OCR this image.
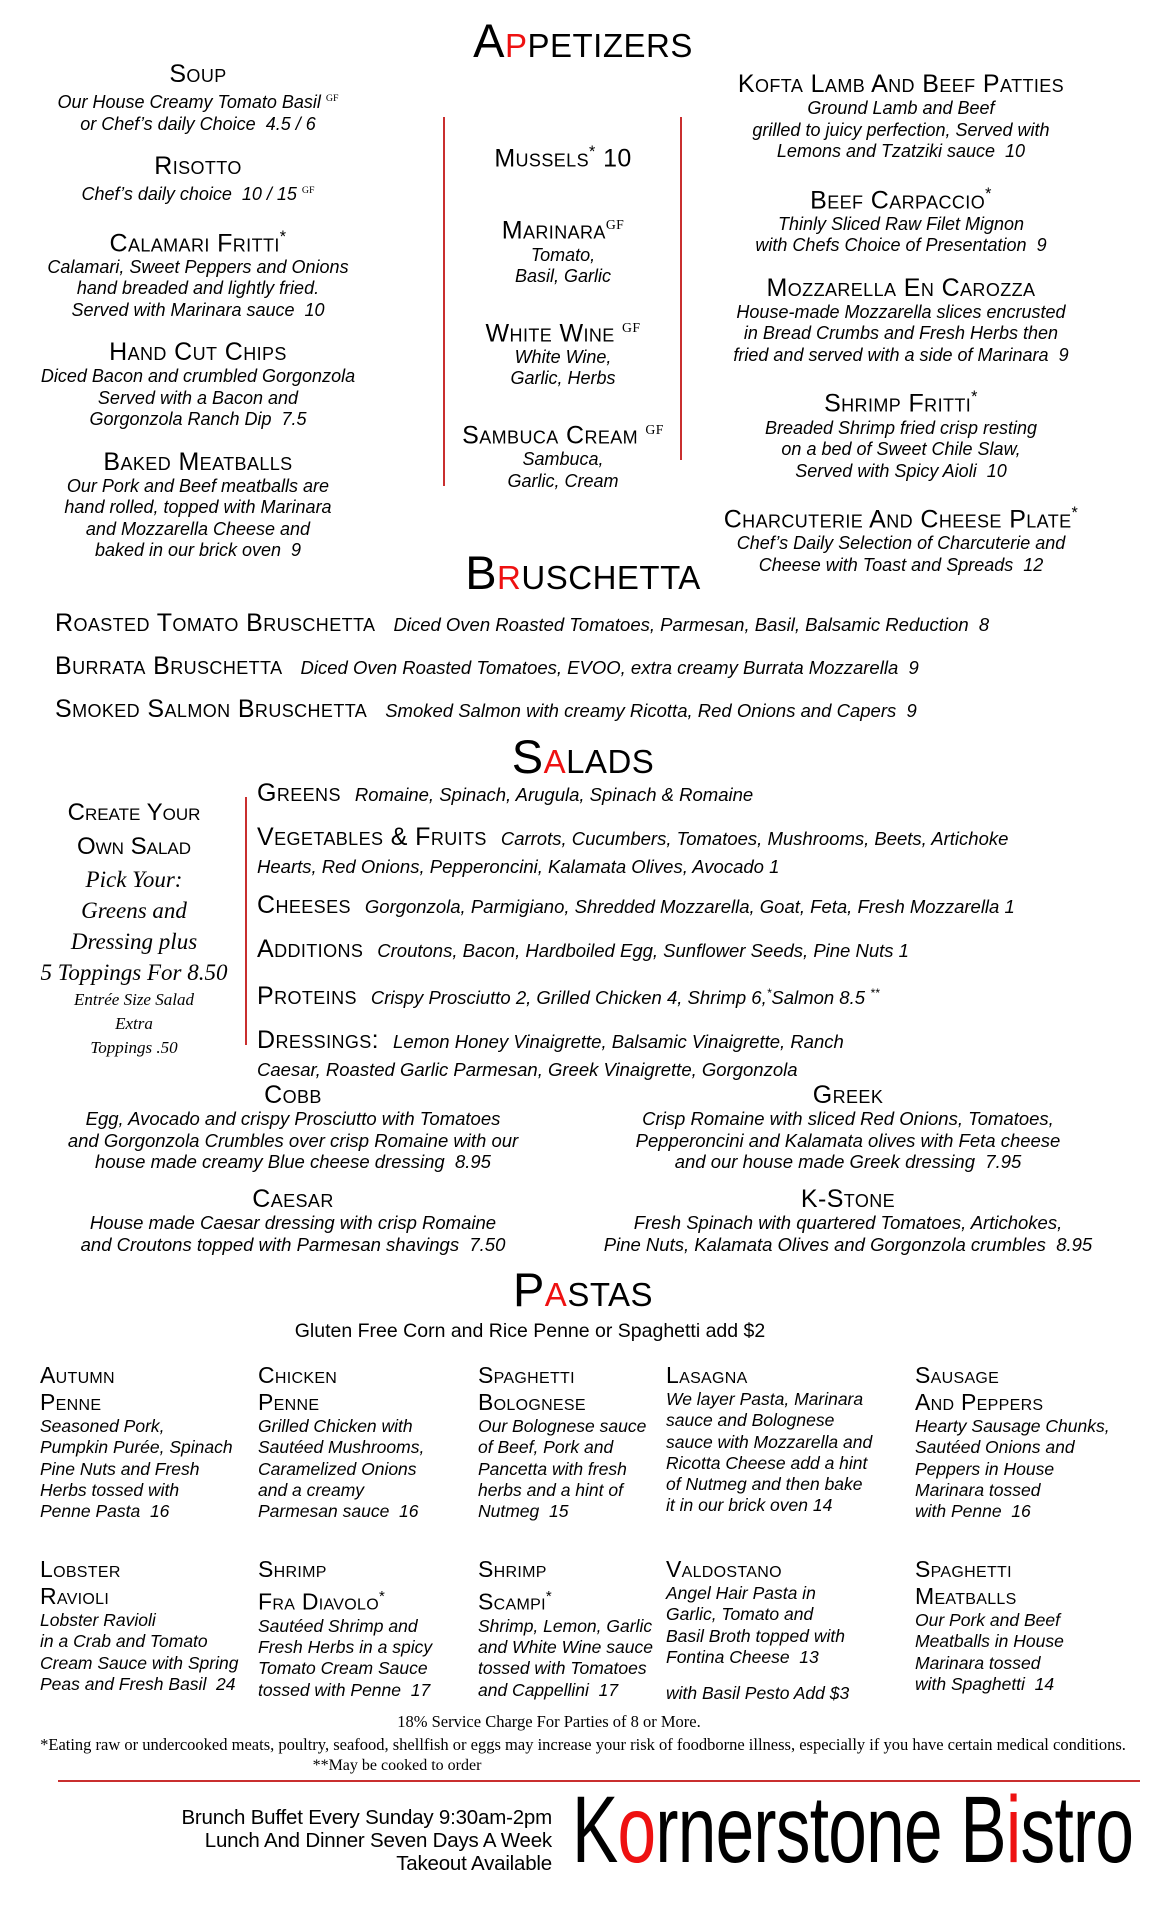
APPETIZERS
BRUSCHETTA
SALADS
PASTAS
Soup
Our House Creamy Tomato Basil $^{GF}$
or Chef’s daily Choice  4.5 / 6
Risotto
Chef’s daily choice  10 / 15 $^{GF}$
Calamari Fritti*
Calamari, Sweet Peppers and Onions
hand breaded and lightly fried.
Served with Marinara sauce  10
Hand Cut Chips
Diced Bacon and crumbled Gorgonzola
Served with a Bacon and
Gorgonzola Ranch Dip  7.5
Baked Meatballs
Our Pork and Beef meatballs are
hand rolled, topped with Marinara
and Mozzarella Cheese and
baked in our brick oven  9
Mussels* 10
Marinara$^{GF}$
Tomato,
Basil, Garlic
White Wine $^{GF}$
White Wine,
Garlic, Herbs
Sambuca Cream $^{GF}$
Sambuca,
Garlic, Cream
Kofta Lamb And Beef Patties
Ground Lamb and Beef
grilled to juicy perfection, Served with
Lemons and Tzatziki sauce  10
Beef Carpaccio*
Thinly Sliced Raw Filet Mignon
with Chefs Choice of Presentation  9
Mozzarella En Carozza
House-made Mozzarella slices encrusted
in Bread Crumbs and Fresh Herbs then
fried and served with a side of Marinara  9
Shrimp Fritti*
Breaded Shrimp fried crisp resting
on a bed of Sweet Chile Slaw,
Served with Spicy Aioli  10
Charcuterie And Cheese Plate*
Chef’s Daily Selection of Charcuterie and
Cheese with Toast and Spreads  12
Roasted Tomato Bruschetta Diced Oven Roasted Tomatoes, Parmesan, Basil, Balsamic Reduction  8
Burrata Bruschetta Diced Oven Roasted Tomatoes, EVOO, extra creamy Burrata Mozzarella  9
Smoked Salmon Bruschetta Smoked Salmon with creamy Ricotta, Red Onions and Capers  9
Create Your
Own Salad
Pick Your:
Greens and
Dressing plus
5 Toppings For 8.50
Entrée Size Salad
Extra
Toppings .50
Greens Romaine, Spinach, Arugula, Spinach & Romaine
Vegetables & Fruits Carrots, Cucumbers, Tomatoes, Mushrooms, Beets, Artichoke
Hearts, Red Onions, Pepperoncini, Kalamata Olives, Avocado 1
Cheeses Gorgonzola, Parmigiano, Shredded Mozzarella, Goat, Feta, Fresh Mozzarella 1
Additions Croutons, Bacon, Hardboiled Egg, Sunflower Seeds, Pine Nuts 1
Proteins Crispy Prosciutto 2, Grilled Chicken 4, Shrimp 6,*Salmon 8.5 **
Dressings: Lemon Honey Vinaigrette, Balsamic Vinaigrette, Ranch
Caesar, Roasted Garlic Parmesan, Greek Vinaigrette, Gorgonzola
Cobb
Egg, Avocado and crispy Prosciutto with Tomatoes
and Gorgonzola Crumbles over crisp Romaine with our
house made creamy Blue cheese dressing  8.95
Greek
Crisp Romaine with sliced Red Onions, Tomatoes,
Pepperoncini and Kalamata olives with Feta cheese
and our house made Greek dressing  7.95
Caesar
House made Caesar dressing with crisp Romaine
and Croutons topped with Parmesan shavings  7.50
K-Stone
Fresh Spinach with quartered Tomatoes, Artichokes,
Pine Nuts, Kalamata Olives and Gorgonzola crumbles  8.95
Gluten Free Corn and Rice Penne or Spaghetti add $2
Autumn
Penne
Seasoned Pork,
Pumpkin Purée, Spinach
Pine Nuts and Fresh
Herbs tossed with
Penne Pasta  16
Chicken
Penne
Grilled Chicken with
Sautéed Mushrooms,
Caramelized Onions
and a creamy
Parmesan sauce  16
Spaghetti
Bolognese
Our Bolognese sauce
of Beef, Pork and
Pancetta with fresh
herbs and a hint of
Nutmeg  15
Lasagna
We layer Pasta, Marinara
sauce and Bolognese
sauce with Mozzarella and
Ricotta Cheese add a hint
of Nutmeg and then bake
it in our brick oven 14
Sausage
And Peppers
Hearty Sausage Chunks,
Sautéed Onions and
Peppers in House
Marinara tossed
with Penne  16
Lobster
Ravioli
Lobster Ravioli
in a Crab and Tomato
Cream Sauce with Spring
Peas and Fresh Basil  24
Shrimp
Fra Diavolo*
Sautéed Shrimp and
Fresh Herbs in a spicy
Tomato Cream Sauce
tossed with Penne  17
Shrimp
Scampi*
Shrimp, Lemon, Garlic
and White Wine sauce
tossed with Tomatoes
and Cappellini  17
Valdostano
Angel Hair Pasta in
Garlic, Tomato and
Basil Broth topped with
Fontina Cheese  13
with Basil Pesto Add $3
Spaghetti
Meatballs
Our Pork and Beef
Meatballs in House
Marinara tossed
with Spaghetti  14
18% Service Charge For Parties of 8 or More.
*Eating raw or undercooked meats, poultry, seafood, shellfish or eggs may increase your risk of foodborne illness, especially if you have certain medical conditions.
**May be cooked to order
Brunch Buffet Every Sunday 9:30am-2pm
Lunch And Dinner Seven Days A Week
Takeout Available Kornerstone Bistro
